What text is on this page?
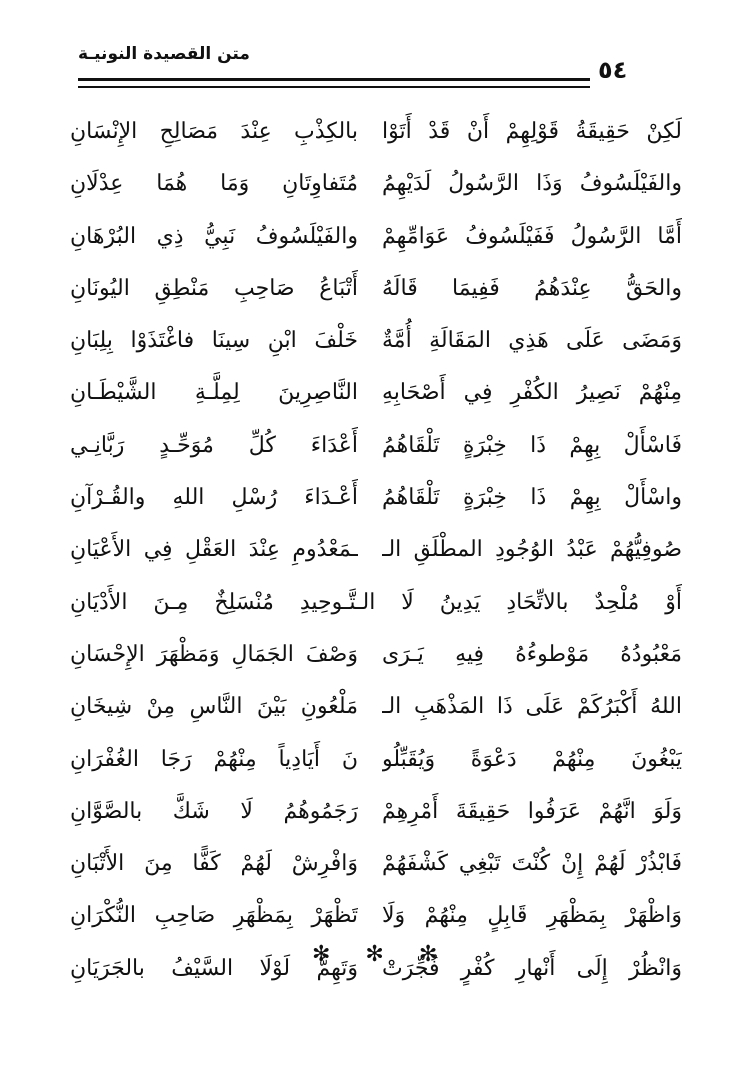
متن القصيدة النونيـة
٥٤
لَكِنْ حَقِيقَةُ قَوْلِهِمْ أَنْ قَدْ أَتَوْا
بالكِذْبِ عِنْدَ مَصَالِحِ الإِنْسَانِ
والفَيْلَسُوفُ وَذَا الرَّسُولُ لَدَيْهِمُ
مُتَفاوِتَانِ وَمَا هُمَا عِدْلَانِ
أَمَّا الرَّسُولُ فَفَيْلَسُوفُ عَوَامِّهِمْ
والفَيْلَسُوفُ نَبِيُّ ذِي البُرْهَانِ
والحَقُّ عِنْدَهُمُ فَفِيمَا قَالَهُ
أَتْبَاعُ صَاحِبِ مَنْطِقِ اليُونَانِ
وَمَضَى عَلَى هَذِي المَقَالَةِ أُمَّةٌ
خَلْفَ ابْنِ سِينَا فاغْتَذَوْا بِلِبَانِ
مِنْهُمْ نَصِيرُ الكُفْرِ فِي أَصْحَابِهِ
النَّاصِرِينَ لِمِلَّـةِ الشَّيْطَـانِ
فَاسْأَلْ بِهِمْ ذَا خِبْرَةٍ تَلْقَاهُمُ
أَعْدَاءَ كُلِّ مُوَحِّـدٍ رَبَّانِـي
واسْأَلْ بِهِمْ ذَا خِبْرَةٍ تَلْقَاهُمُ
أَعْـدَاءَ رُسْلِ اللهِ والقُـرْآنِ
صُوفِيُّهُمْ عَبْدُ الوُجُودِ المطْلَقِ الـ
ـمَعْدُومِ عِنْدَ العَقْلِ فِي الأَعْيَانِ
أَوْ مُلْحِدٌ بالاتِّحَادِ يَدِينُ لَا الـتَّـوحِيدِ مُنْسَلِخٌ مِـنَ الأَدْيَانِ
مَعْبُودُهُ مَوْطوءُهُ فِيهِ يَـرَى
وَصْفَ الجَمَالِ وَمَظْهَرَ الإِحْسَانِ
اللهُ أَكْبَرُكَمْ عَلَى ذَا المَذْهَبِ الـ
مَلْعُونِ بَيْنَ النَّاسِ مِنْ شِيخَانِ
يَبْغُونَ مِنْهُمْ دَعْوَةً وَيُقَبِّلُو
نَ أَيَادِياً مِنْهُمْ رَجَا الغُفْرَانِ
وَلَوَ انَّهُمْ عَرَفُوا حَقِيقَةَ أَمْرِهِمْ
رَجَمُوهُمُ لَا شَكَّ بالصَّوَّانِ
فَابْذُرْ لَهُمْ إِنْ كُنْتَ تَبْغِي كَشْفَهُمْ
وَافْرِشْ لَهُمْ كَفًّا مِنَ الأَتْبَانِ
وَاظْهَرْ بِمَظْهَرِ قَابِلٍ مِنْهُمْ وَلَا
تَظْهَرْ بِمَظْهَرِ صَاحِبِ النُّكْرَانِ
وَانْظُرْ إِلَى أَنْهارِ كُفْرٍ فُجِّرَتْ
وَتَهِمُّ لَوْلَا السَّيْفُ بالجَرَيَانِ
✻ ✻ ✻
